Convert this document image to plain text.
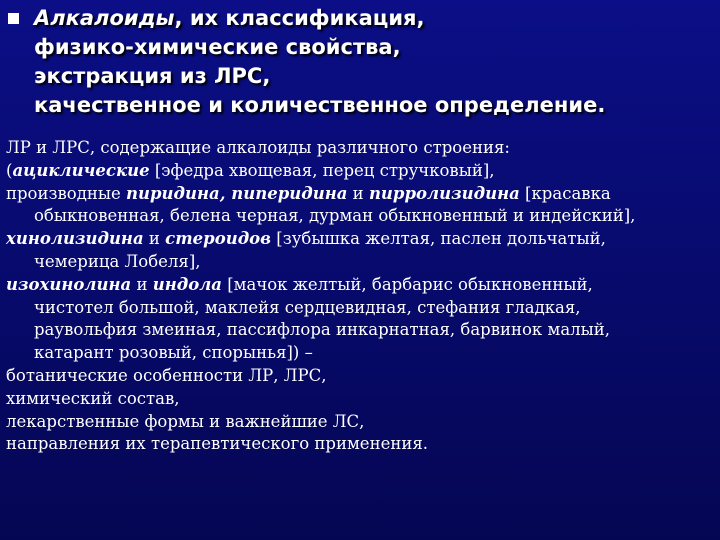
Алкалоиды, их классификация,
физико-химические свойства,
экстракция из ЛРС,
качественное и количественное определение.
ЛР и ЛРС, содержащие алкалоиды различного строения:
(ациклические [эфедра хвощевая, перец стручковый],
производные пиридина, пиперидина и пирролизидина [красавка
обыкновенная, белена черная, дурман обыкновенный и индейский],
хинолизидина и стероидов [зубышка желтая, паслен дольчатый,
чемерица Лобеля],
изохинолина и индола [мачок желтый, барбарис обыкновенный,
чистотел большой, маклейя сердцевидная, стефания гладкая,
раувольфия змеиная, пассифлора инкарнатная, барвинок малый,
катарант розовый, спорынья]) –
ботанические особенности ЛР, ЛРС,
химический состав,
лекарственные формы и важнейшие ЛС,
направления их терапевтического применения.
